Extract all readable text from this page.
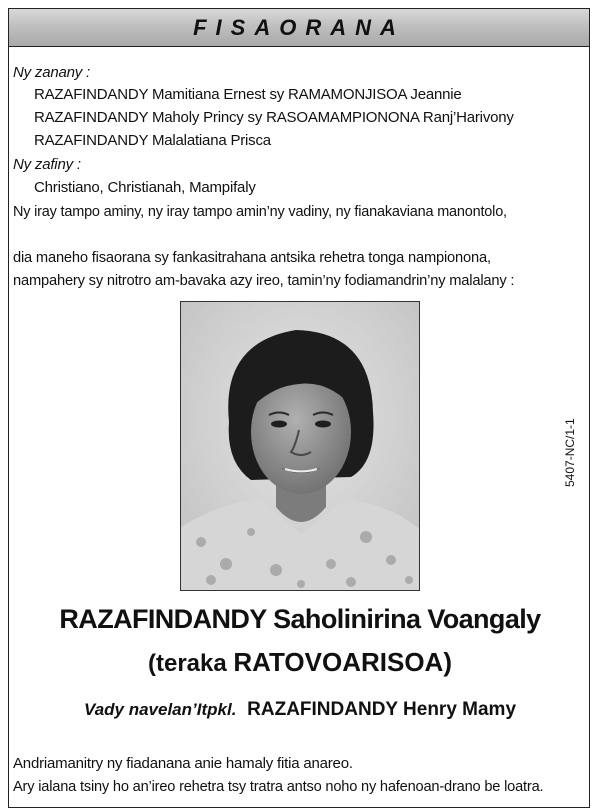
FISAORANA
Ny zanany :
RAZAFINDANDY Mamitiana Ernest sy RAMAMONJISOA Jeannie
RAZAFINDANDY Maholy Princy sy RASOAMAMPIONONA Ranj’Harivony
RAZAFINDANDY Malalatiana Prisca
Ny zafiny :
Christiano, Christianah, Mampifaly
Ny iray tampo aminy, ny iray tampo amin’ny vadiny, ny fianakaviana manontolo,
dia maneho fisaorana sy fankasitrahana antsika rehetra tonga nampionona,
nampahery sy nitrotro am-bavaka azy ireo, tamin’ny fodiamandrin’ny malalany :
5407-NC/1-1
RAZAFINDANDY Saholinirina Voangaly
(teraka RATOVOARISOA)
Vady navelan’Itpkl. RAZAFINDANDY Henry Mamy
Andriamanitry ny fiadanana anie hamaly fitia anareo.
Ary ialana tsiny ho an’ireo rehetra tsy tratra antso noho ny hafenoan-drano be loatra.
